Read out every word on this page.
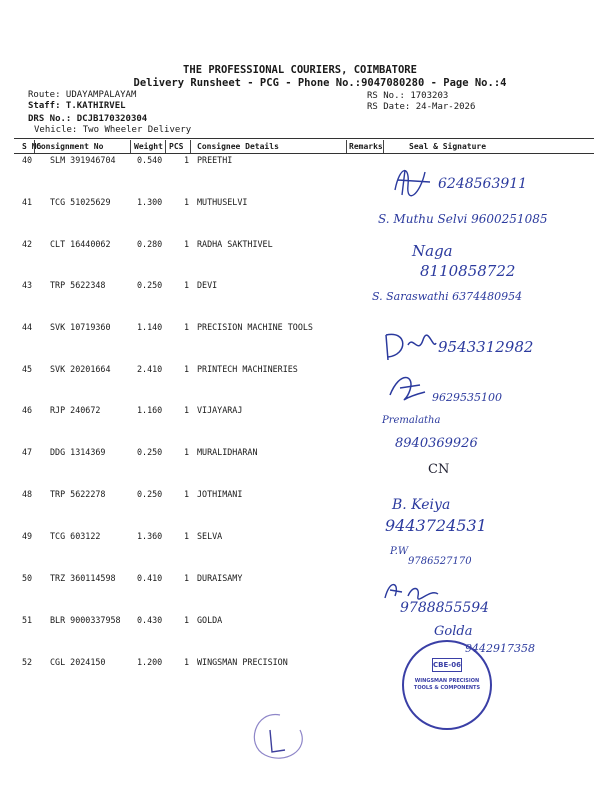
THE PROFESSIONAL COURIERS, COIMBATORE
Delivery Runsheet - PCG - Phone No.:9047080280 - Page No.:4
Route: UDAYAMPALAYAM
Staff: T.KATHIRVEL
DRS No.: DCJB170320304
Vehicle: Two Wheeler Delivery
RS No.: 1703203
RS Date: 24-Mar-2026
S No
Consignment No	Weight PCS Consignee Details	Remarks	Seal & Signature
40 SLM 391946704	0.540	1 PREETHI
41 TCG 51025629	1.300	1 MUTHUSELVI
42 CLT 16440062	0.280	1 RADHA SAKTHIVEL
43 TRP 5622348	0.250	1 DEVI
44 SVK 10719360	1.140	1 PRECISION MACHINE TOOLS
45 SVK 20201664	2.410	1 PRINTECH MACHINERIES
46 RJP 240672	1.160	1 VIJAYARAJ
47 DDG 1314369	0.250	1 MURALIDHARAN
48 TRP 5622278	0.250	1 JOTHIMANI
49 TCG 603122	1.360	1 SELVA
50 TRZ 360114598	0.410	1 DURAISAMY
51 BLR 9000337958 0.430	1 GOLDA
52 CGL 2024150	1.200	1 WINGSMAN PRECISION
6248563911
S. Muthu Selvi 9600251085
Naga
8110858722
S. Saraswathi 6374480954
9543312982
9629535100
Premalatha
8940369926
CN
B. Keiya
9443724531
P.W
9786527170
9788855594
Golda
9442917358
CBE-06
WINGSMAN PRECISION TOOLS & COMPONENTS
